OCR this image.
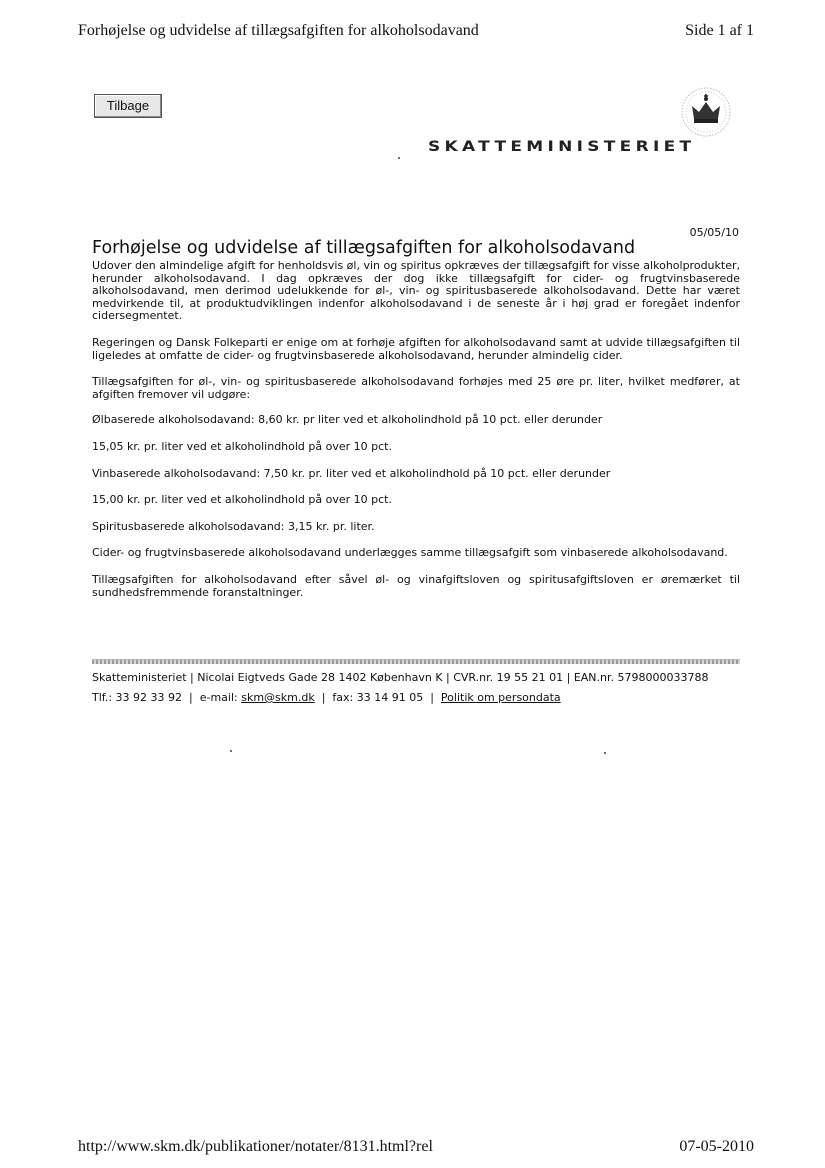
Forhøjelse og udvidelse af tillægsafgiften for alkoholsodavand	Side 1 af 1
Tilbage
SKATTEMINISTERIET
05/05/10
Forhøjelse og udvidelse af tillægsafgiften for alkoholsodavand

Udover den almindelige afgift for henholdsvis øl, vin og spiritus opkræves der tillægsafgift for visse alkoholprodukter, herunder alkoholsodavand. I dag opkræves der dog ikke tillægsafgift for cider- og frugtvinsbaserede alkoholsodavand, men derimod udelukkende for øl-, vin- og spiritusbaserede alkoholsodavand. Dette har været medvirkende til, at produktudviklingen indenfor alkoholsodavand i de seneste år i høj grad er foregået indenfor cidersegmentet.

Regeringen og Dansk Folkeparti er enige om at forhøje afgiften for alkoholsodavand samt at udvide tillægsafgiften til ligeledes at omfatte de cider- og frugtvinsbaserede alkoholsodavand, herunder almindelig cider.

Tillægsafgiften for øl-, vin- og spiritusbaserede alkoholsodavand forhøjes med 25 øre pr. liter, hvilket medfører, at afgiften fremover vil udgøre:

Ølbaserede alkoholsodavand: 8,60 kr. pr liter ved et alkoholindhold på 10 pct. eller derunder

15,05 kr. pr. liter ved et alkoholindhold på over 10 pct.

Vinbaserede alkoholsodavand: 7,50 kr. pr. liter ved et alkoholindhold på 10 pct. eller derunder

15,00 kr. pr. liter ved et alkoholindhold på over 10 pct.

Spiritusbaserede alkoholsodavand: 3,15 kr. pr. liter.

Cider- og frugtvinsbaserede alkoholsodavand underlægges samme tillægsafgift som vinbaserede alkoholsodavand.

Tillægsafgiften for alkoholsodavand efter såvel øl- og vinafgiftsloven og spiritusafgiftsloven er øremærket til sundhedsfremmende foranstaltninger.

Skatteministeriet | Nicolai Eigtveds Gade 28 1402 København K | CVR.nr. 19 55 21 01 | EAN.nr. 5798000033788
Tlf.: 33 92 33 92  |  e-mail: skm@skm.dk  |  fax: 33 14 91 05  |  Politik om persondata
http://www.skm.dk/publikationer/notater/8131.html?rel	07-05-2010
